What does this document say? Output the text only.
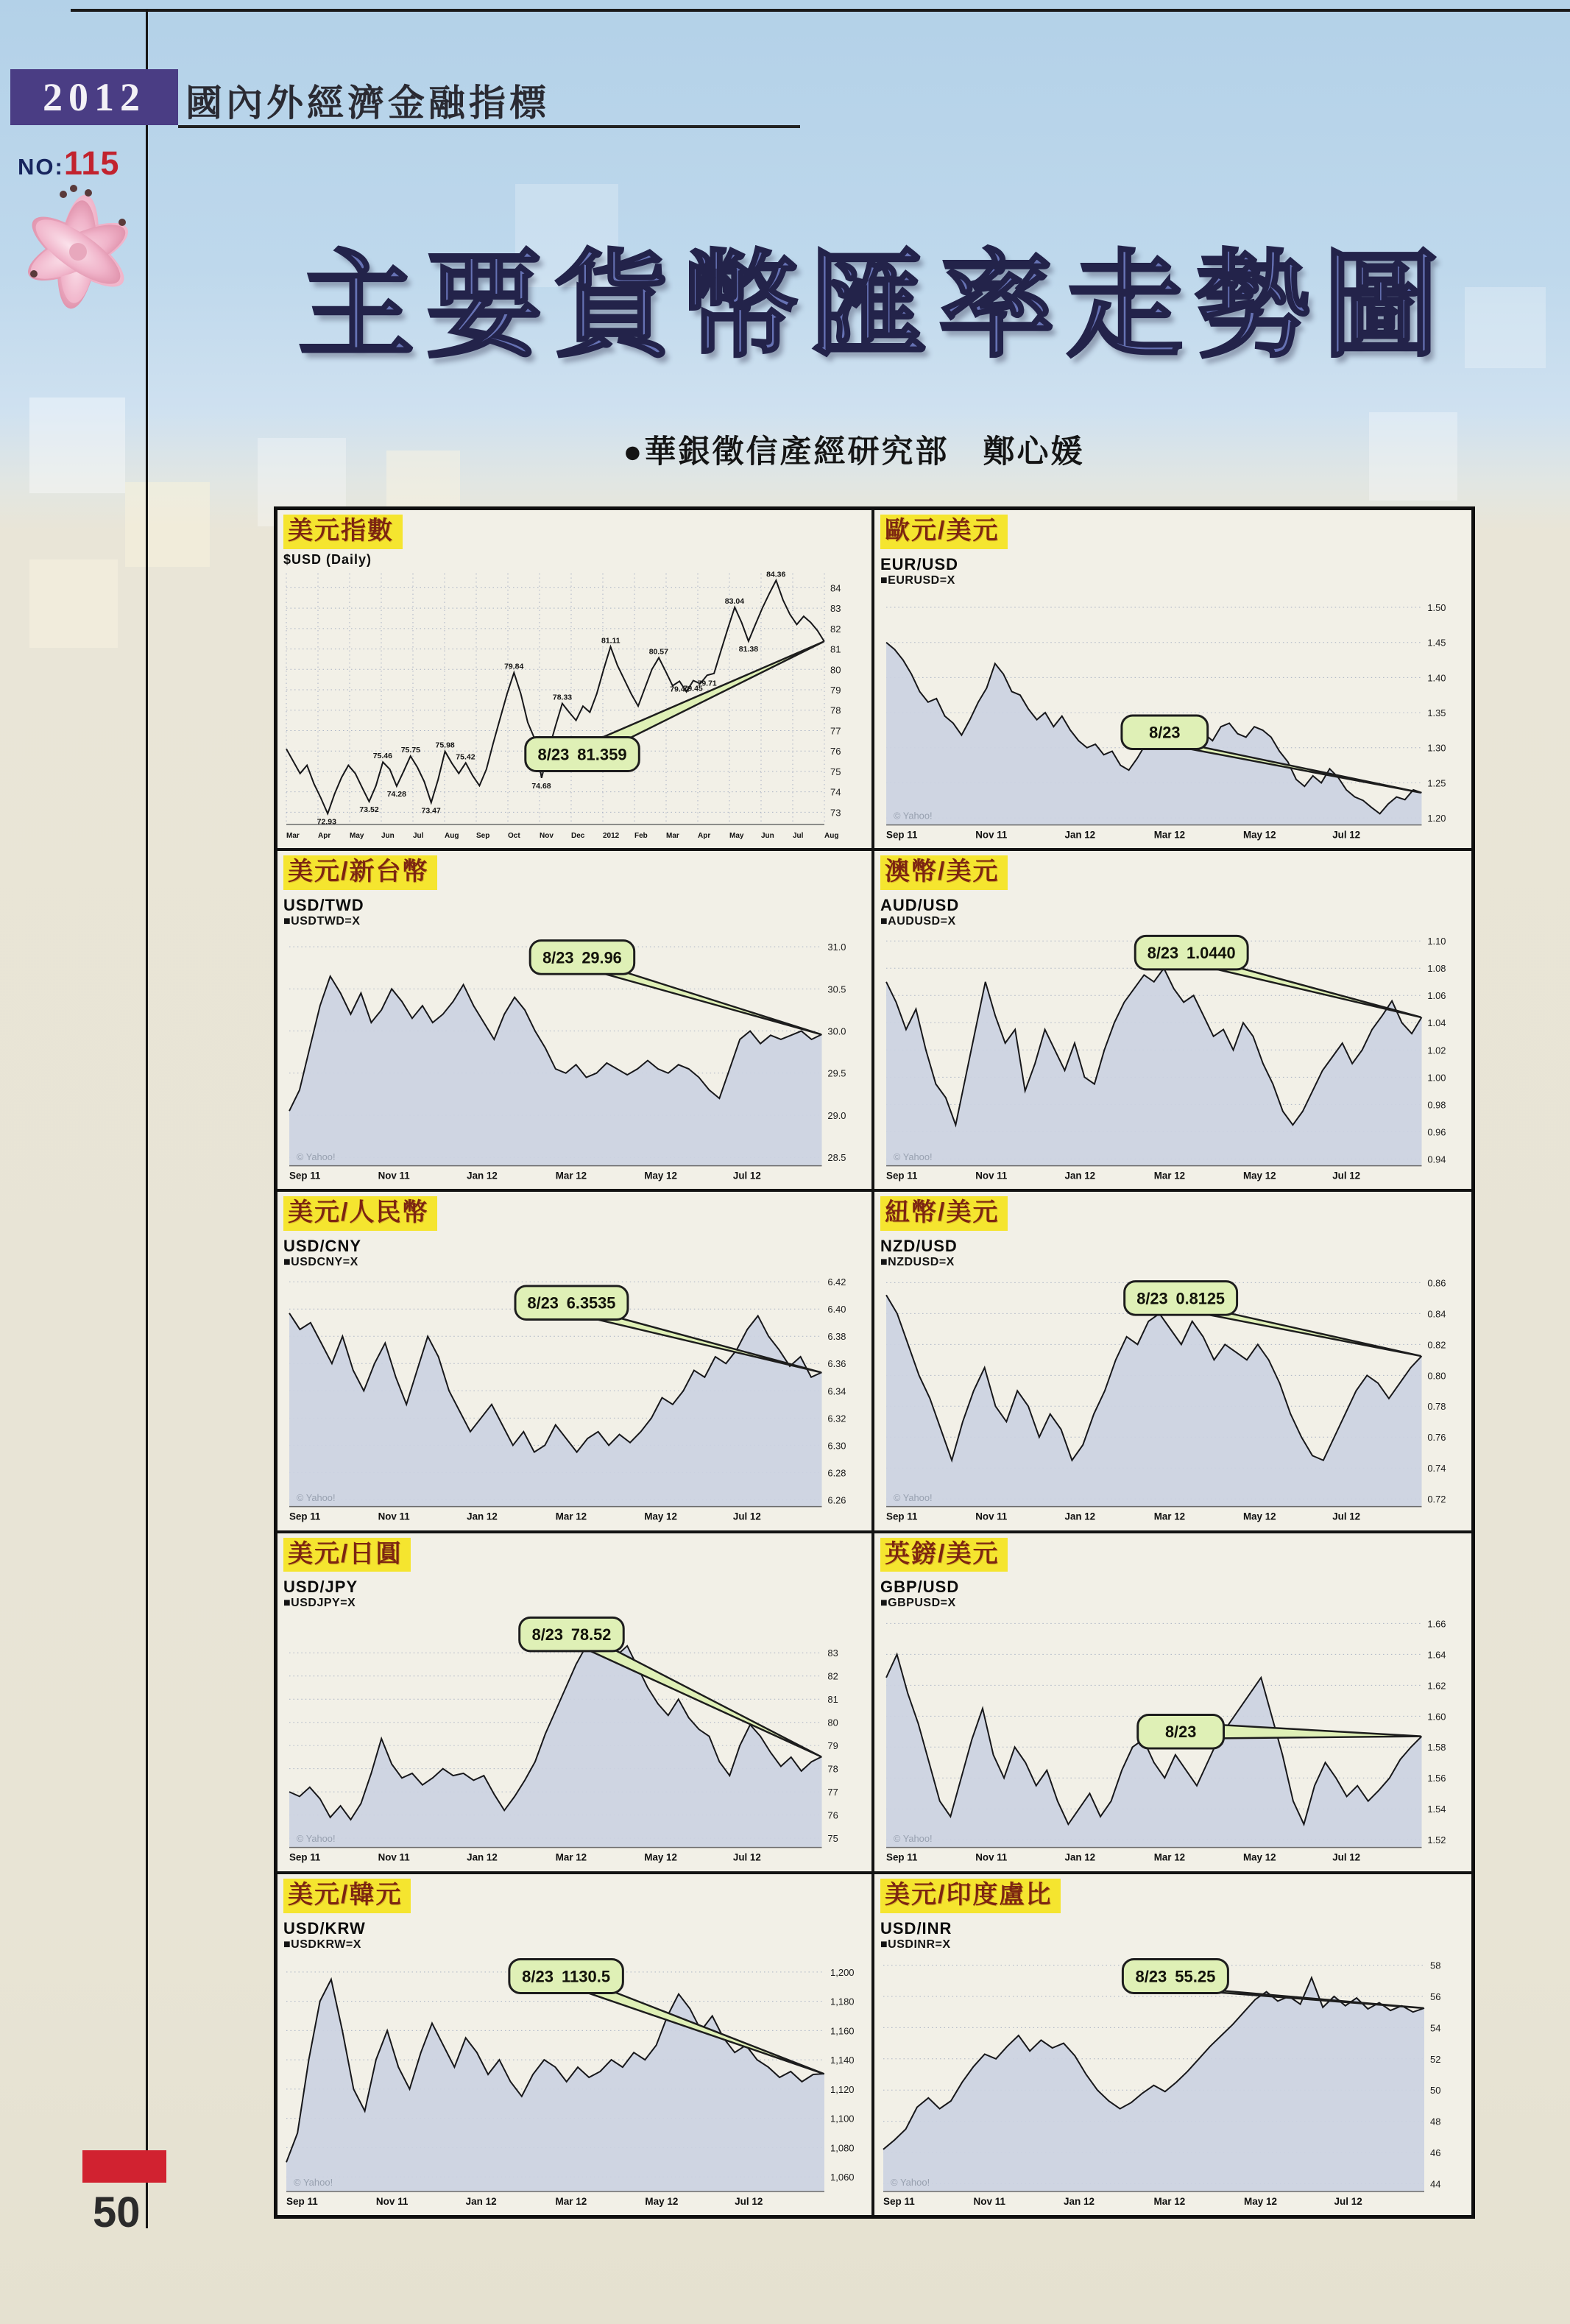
2012 國內外經濟金融指標
NO:115
主要貨幣匯率走勢圖
●華銀徵信產經研究部　鄭心媛
美元指數
$USD (Daily)
84
83
82
81
80
79
78
77
76
75
74
73
Mar	Apr	May Jun	Jul	Aug Sep Oct	Nov Dec 2012 Feb	Mar	Apr	May Jun	Jul	Aug
72.93
73.52
75.46
74.28
75.75
73.47
75.98
75.42
79.84
74.68
78.33
81.11
80.57
79.42
79.45
79.71
83.04
81.38
84.36
8/23 81.359
歐元/美元
EUR/USD
■EURUSD=X
1.50
1.45
1.40
1.35
1.30
1.25
1.20
Sep 11	Nov 11	Jan 12	Mar 12	May 12	Jul 12
© Yahoo!
8/23
美元/新台幣
USD/TWD
■USDTWD=X
31.0
30.5
30.0
29.5
29.0
28.5
Sep 11	Nov 11	Jan 12	Mar 12	May 12	Jul 12
© Yahoo!
8/23 29.96
澳幣/美元
AUD/USD
■AUDUSD=X
1.10
1.08
1.06
1.04
1.02
1.00
0.98
0.96
0.94
Sep 11	Nov 11	Jan 12	Mar 12	May 12	Jul 12
© Yahoo!
8/23 1.0440
美元/人民幣
USD/CNY
■USDCNY=X
6.42
6.40
6.38
6.36
6.34
6.32
6.30
6.28
6.26
Sep 11	Nov 11	Jan 12	Mar 12	May 12	Jul 12
© Yahoo!
8/23 6.3535
紐幣/美元
NZD/USD
■NZDUSD=X
0.86
0.84
0.82
0.80
0.78
0.76
0.74
0.72
Sep 11	Nov 11	Jan 12	Mar 12	May 12	Jul 12
© Yahoo!
8/23 0.8125
美元/日圓
USD/JPY
■USDJPY=X
83
82
81
80
79
78
77
76
75
Sep 11	Nov 11	Jan 12	Mar 12	May 12	Jul 12
© Yahoo!
8/23 78.52
英鎊/美元
GBP/USD
■GBPUSD=X
1.66
1.64
1.62
1.60
1.58
1.56
1.54
1.52
Sep 11	Nov 11	Jan 12	Mar 12	May 12	Jul 12
© Yahoo!
8/23
美元/韓元
USD/KRW
■USDKRW=X
1,200
1,180
1,160
1,140
1,120
1,100
1,080
1,060
Sep 11	Nov 11	Jan 12	Mar 12	May 12	Jul 12
© Yahoo!
8/23 1130.5
美元/印度盧比
USD/INR
■USDINR=X
58
56
54
52
50
48
46
44
Sep 11	Nov 11	Jan 12	Mar 12	May 12	Jul 12
© Yahoo!
8/23 55.25
50
